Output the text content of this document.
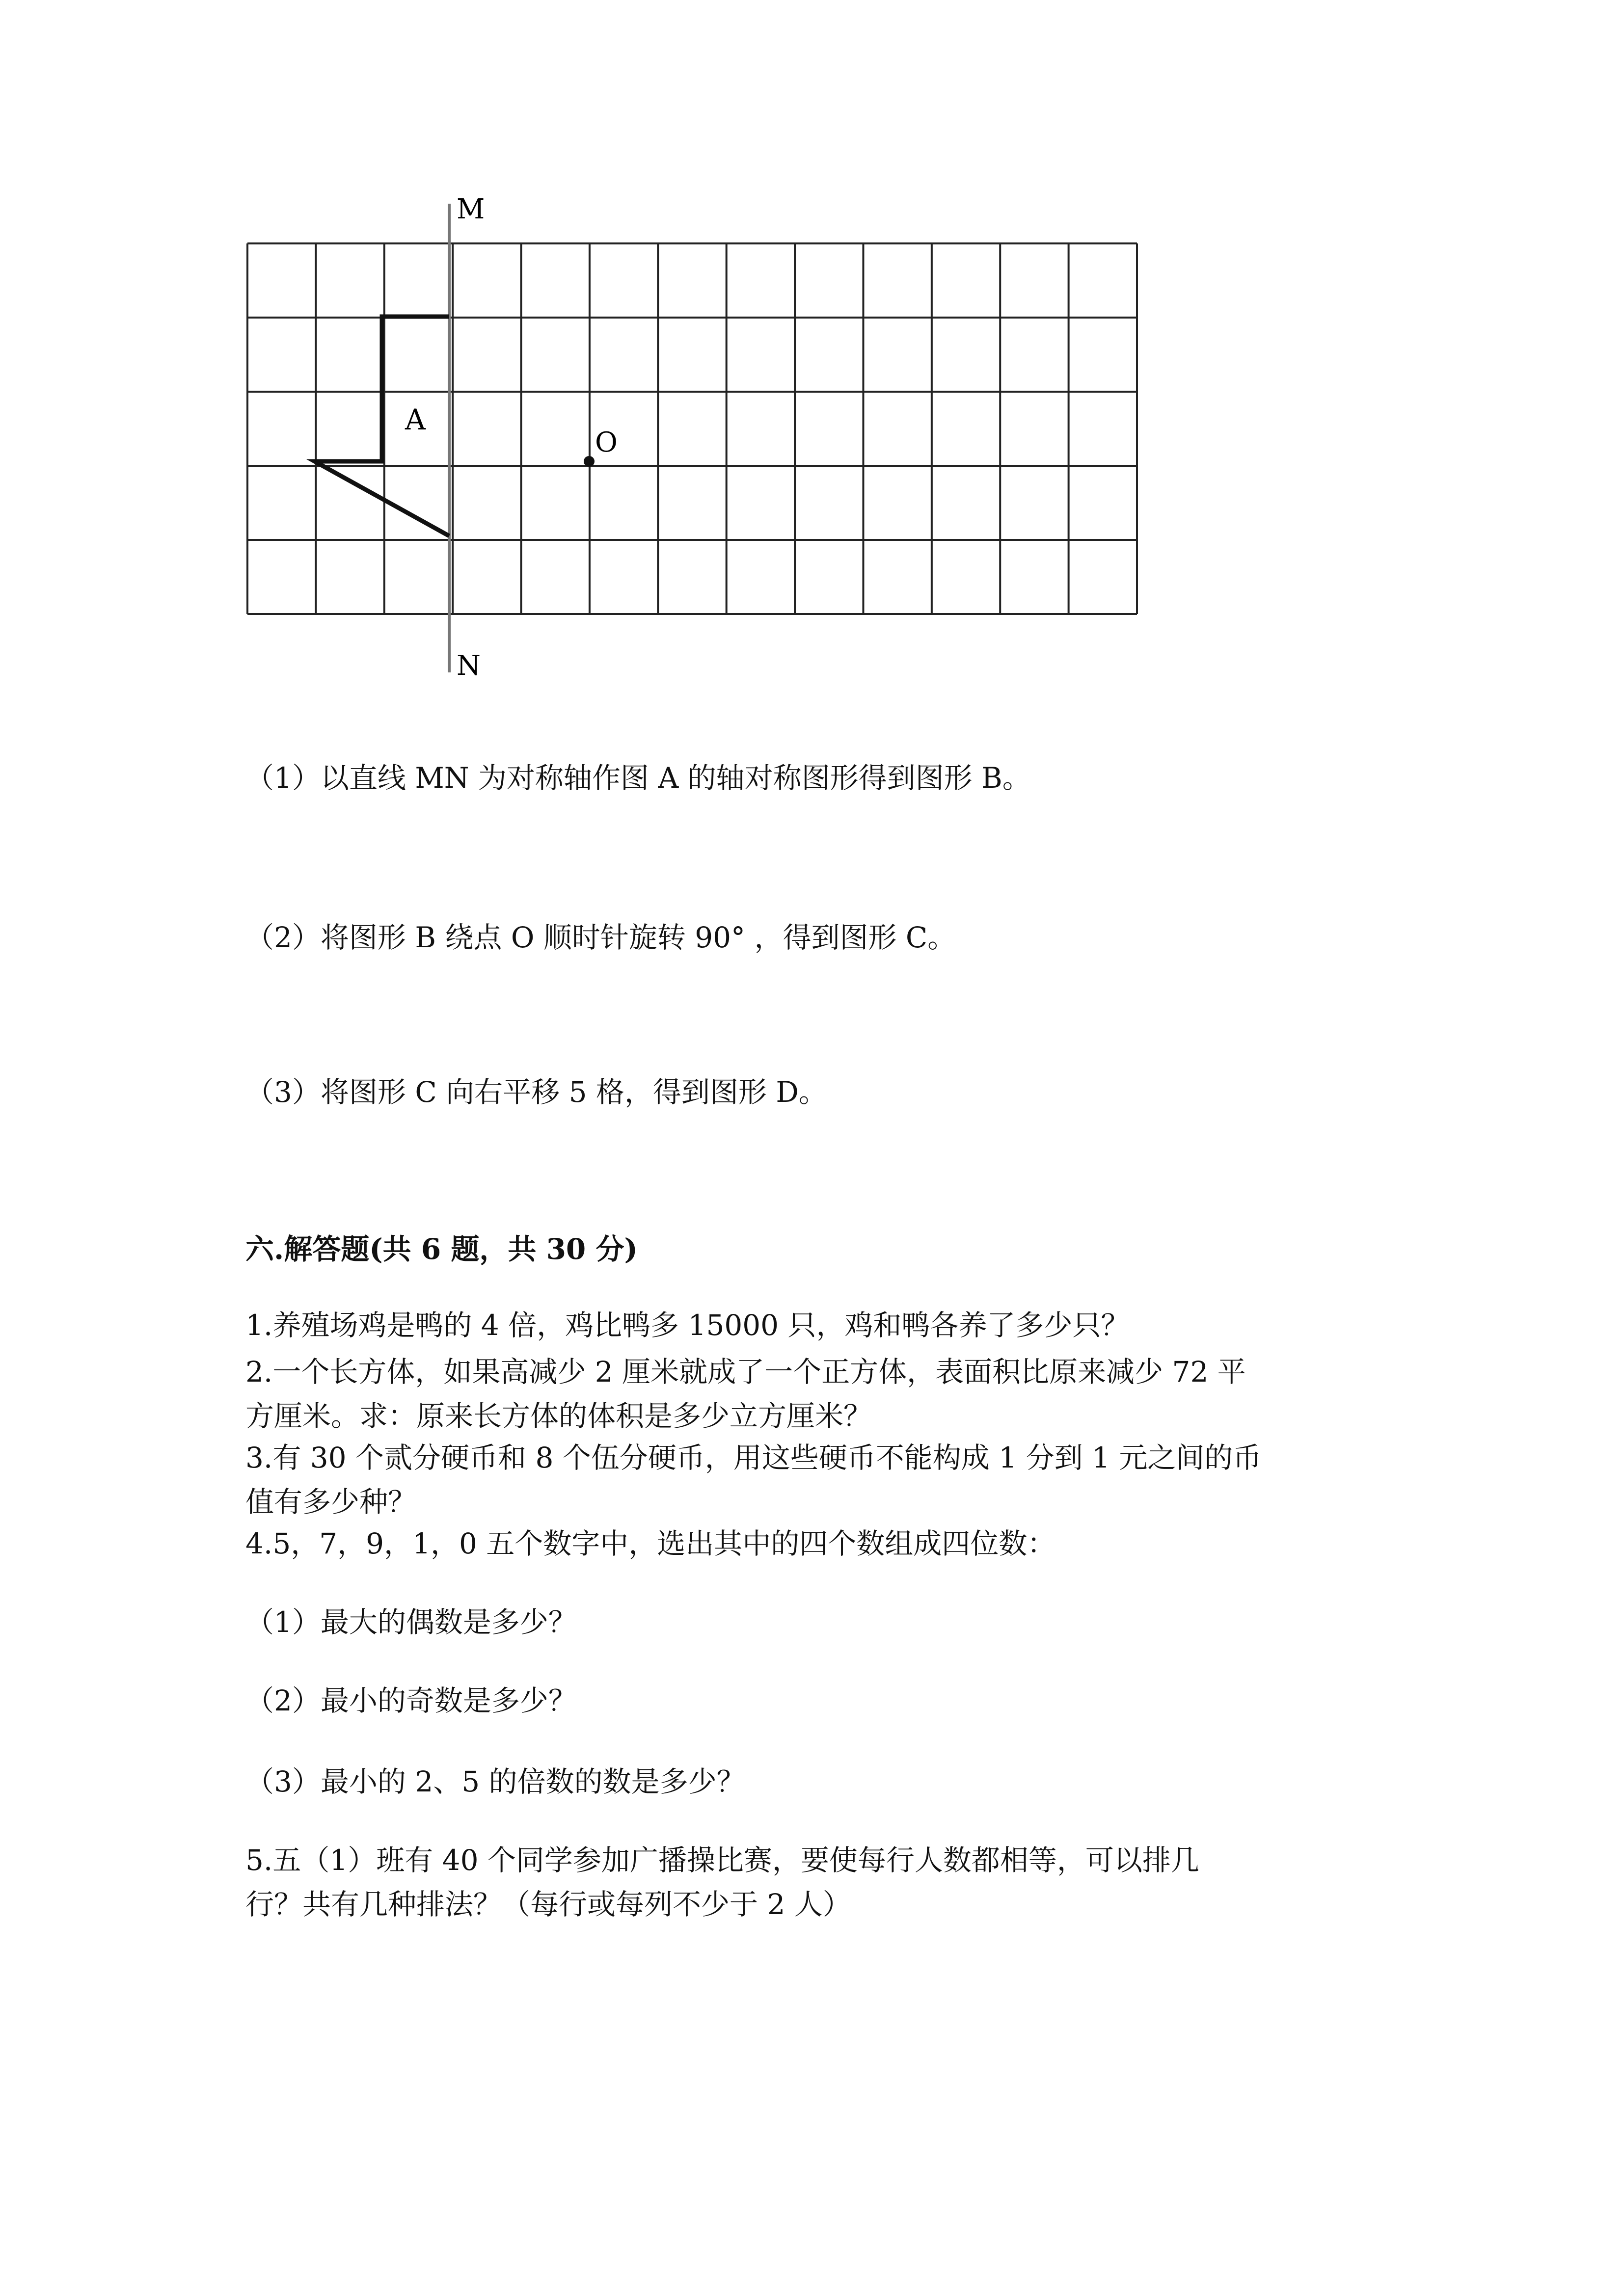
M
N
A
O

（1）以直线 MN 为对称轴作图 A 的轴对称图形得到图形 B。

（2）将图形 B 绕点 O 顺时针旋转 90° ，得到图形 C。

（3）将图形 C 向右平移 5 格，得到图形 D。

六.解答题(共 6 题，共 30 分)

1.养殖场鸡是鸭的 4 倍，鸡比鸭多 15000 只，鸡和鸭各养了多少只？

2.一个长方体，如果高减少 2 厘米就成了一个正方体，表面积比原来减少 72 平

方厘米。求：原来长方体的体积是多少立方厘米？

3.有 30 个贰分硬币和 8 个伍分硬币，用这些硬币不能构成 1 分到 1 元之间的币

值有多少种？

4.5，7，9，1，0 五个数字中，选出其中的四个数组成四位数：

（1）最大的偶数是多少？

（2）最小的奇数是多少？

（3）最小的 2、5 的倍数的数是多少？

5.五（1）班有 40 个同学参加广播操比赛，要使每行人数都相等，可以排几

行？共有几种排法？（每行或每列不少于 2 人）
